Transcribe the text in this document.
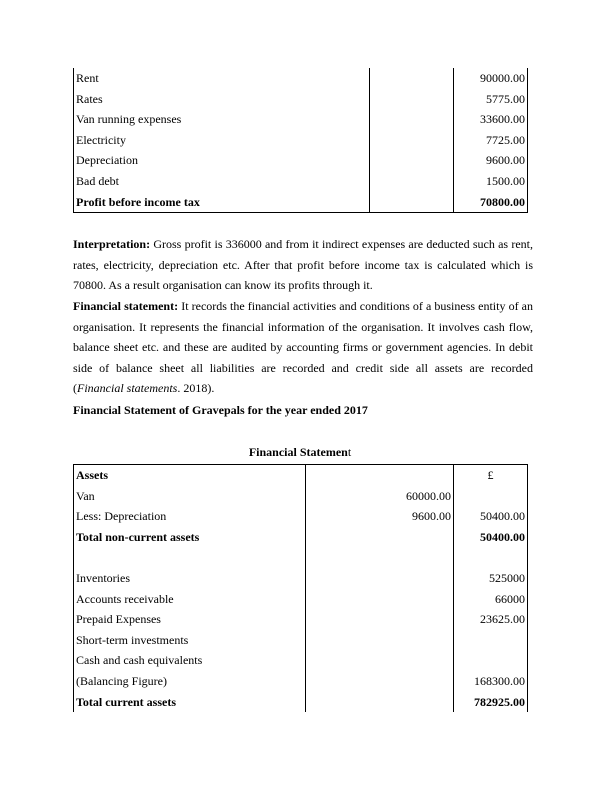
Rent		90000.00
Rates		5775.00
Van running expenses		33600.00
Electricity		7725.00
Depreciation		9600.00
Bad debt		1500.00
Profit before income tax		70800.00
Interpretation: Gross profit is 336000 and from it indirect expenses are deducted such as rent, rates, electricity, depreciation etc. After that profit before income tax is calculated which is 70800. As a result organisation can know its profits through it.
Financial statement: It records the financial activities and conditions of a business entity of an organisation. It represents the financial information of the organisation. It involves cash flow, balance sheet etc. and these are audited by accounting firms or government agencies. In debit side of balance sheet all liabilities are recorded and credit side all assets are recorded (Financial statements. 2018).
Financial Statement of Gravepals for the year ended 2017
Financial Statement
Assets		£
Van	60000.00	
Less: Depreciation	9600.00	50400.00
Total non-current assets		50400.00

Inventories		525000
Accounts receivable		66000
Prepaid Expenses		23625.00
Short-term investments		
Cash and cash equivalents		
(Balancing Figure)		168300.00
Total current assets		782925.00
